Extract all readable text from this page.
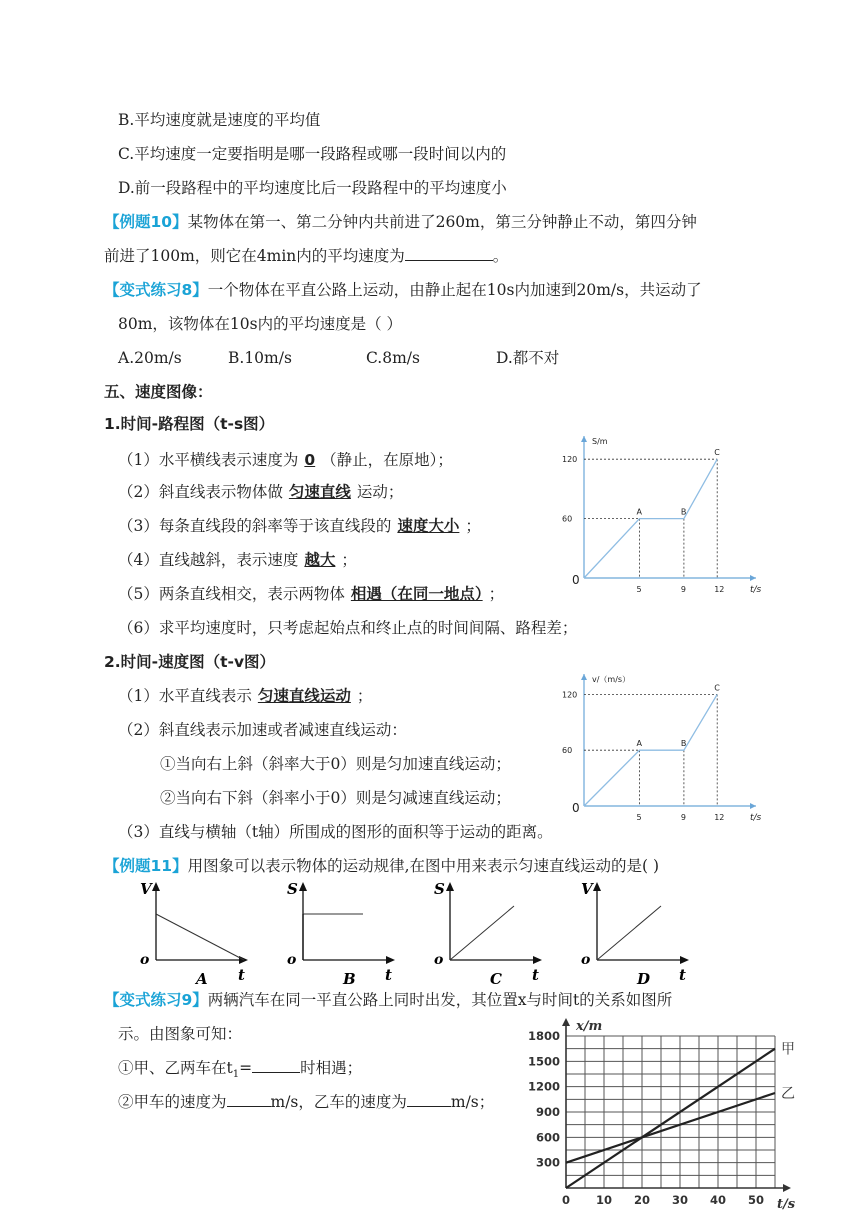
B.平均速度就是速度的平均值
C.平均速度一定要指明是哪一段路程或哪一段时间以内的
D.前一段路程中的平均速度比后一段路程中的平均速度小
【例题10】某物体在第一、第二分钟内共前进了260m，第三分钟静止不动，第四分钟
前进了100m，则它在4min内的平均速度为	。
【变式练习8】一个物体在平直公路上运动，由静止起在10s内加速到20m/s，共运动了
80m，该物体在10s内的平均速度是（ ）
A.20m/s	B.10m/s	C.8m/s	D.都不对
五、速度图像：
1.时间-路程图（t-s图）
（1）水平横线表示速度为 0 （静止，在原地）；
（2）斜直线表示物体做 匀速直线 运动；
（3）每条直线段的斜率等于该直线段的 速度大小 ；
（4）直线越斜，表示速度 越大 ；
（5）两条直线相交，表示两物体 相遇（在同一地点） ；
（6）求平均速度时，只考虑起始点和终止点的时间间隔、路程差；
2.时间-速度图（t-v图）
（1）水平直线表示 匀速直线运动 ；
（2）斜直线表示加速或者减速直线运动：
①当向右上斜（斜率大于0）则是匀加速直线运动；
②当向右下斜（斜率小于0）则是匀减速直线运动；
（3）直线与横轴（t轴）所围成的图形的面积等于运动的距离。
【例题11】用图象可以表示物体的运动规律,在图中用来表示匀速直线运动的是( )
【变式练习9】两辆汽车在同一平直公路上同时出发，其位置x与时间t的关系如图所
示。由图象可知：
①甲、乙两车在$t_1=$	时相遇；
②甲车的速度为	m/s，乙车的速度为	m/s；
S/m
t/s
0
5	9	12
60
120
A	B
C
v/（m/s）
t/s
0
5	9	12
60
120
A	B
C
V
o
t
A
S
o
t
B
S
o
t
C
V
o
t
D
x/m
t/s
300
600
900
1200
1500
1800
0 10 20 30 40 50
甲
乙
